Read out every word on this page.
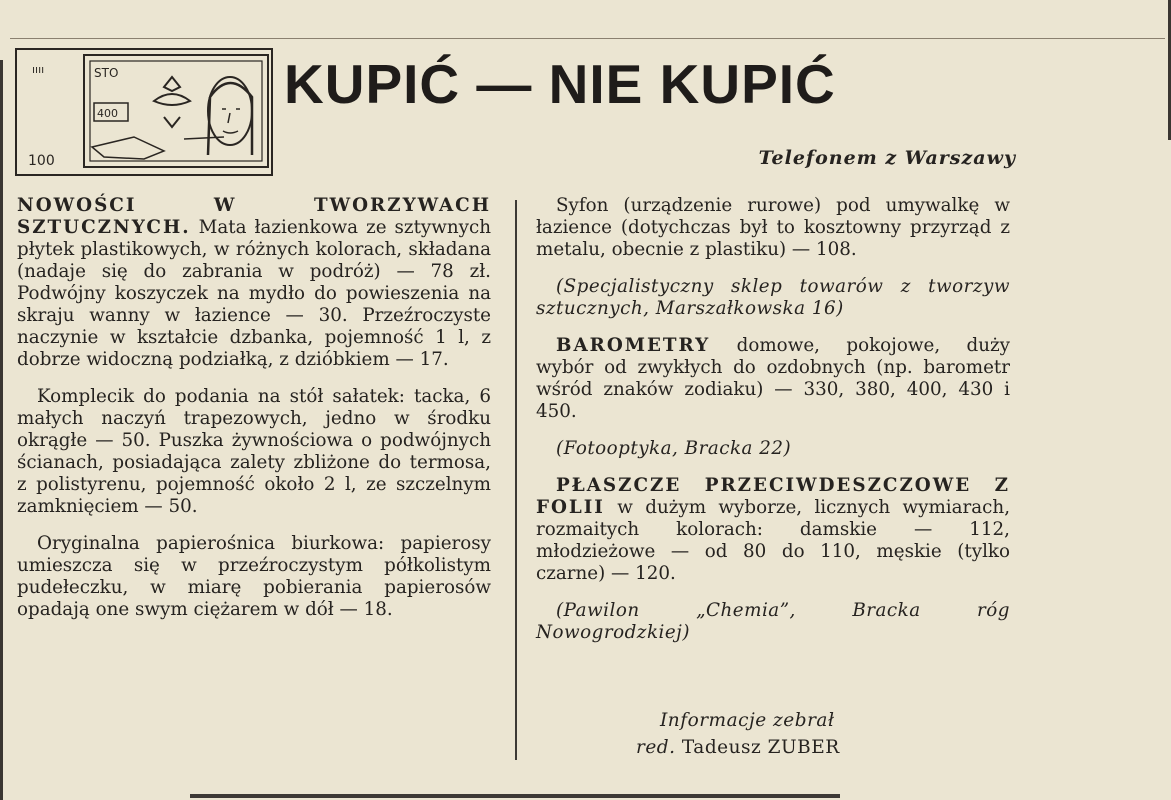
ıııı	STO
400
100
KUPIĆ — NIE KUPIĆ
Telefonem z Warszawy

NOWOŚCI W TWORZYWACH SZTUCZNYCH. Mata łazienkowa ze sztywnych płytek plastikowych, w różnych kolorach, składana (nadaje się do zabrania w podróż) — 78 zł. Podwójny koszyczek na mydło do powieszenia na skraju wanny w łazience — 30. Przeźroczyste naczynie w kształcie dzbanka, pojemność 1 l, z dobrze widoczną podziałką, z dzióbkiem — 17.

Komplecik do podania na stół sałatek: tacka, 6 małych naczyń trapezowych, jedno w środku okrągłe — 50. Puszka żywnościowa o podwójnych ścianach, posiadająca zalety zbliżone do termosa, z polistyrenu, pojemność około 2 l, ze szczelnym zamknięciem — 50.

Oryginalna papierośnica biurkowa: papierosy umieszcza się w przeźroczystym półkolistym pudełeczku, w miarę pobierania papierosów opadają one swym ciężarem w dół — 18.

Syfon (urządzenie rurowe) pod umywalkę w łazience (dotychczas był to kosztowny przyrząd z metalu, obecnie z plastiku) — 108.

(Specjalistyczny sklep towarów z tworzyw sztucznych, Marszałkowska 16)

BAROMETRY domowe, pokojowe, duży wybór od zwykłych do ozdobnych (np. barometr wśród znaków zodiaku) — 330, 380, 400, 430 i 450.

(Fotooptyka, Bracka 22)

PŁASZCZE PRZECIWDESZCZOWE Z FOLII w dużym wyborze, licznych wymiarach, rozmaitych kolorach: damskie — 112, młodzieżowe — od 80 do 110, męskie (tylko czarne) — 120.

(Pawilon „Chemia”, Bracka róg Nowogrodzkiej)

Informacje zebrał
red. Tadeusz ZUBER
